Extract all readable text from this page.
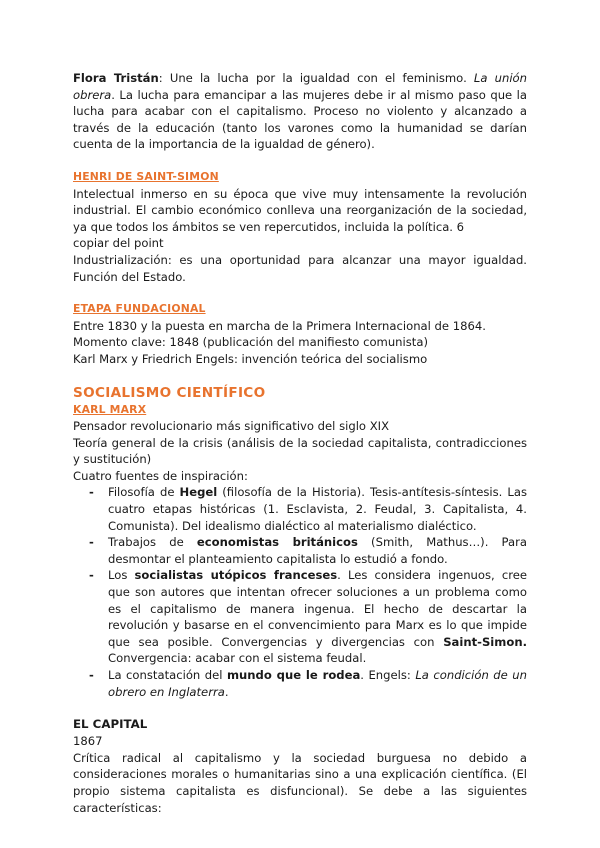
Flora Tristán: Une la lucha por la igualdad con el feminismo. La unión obrera. La lucha para emancipar a las mujeres debe ir al mismo paso que la lucha para acabar con el capitalismo. Proceso no violento y alcanzado a través de la educación (tanto los varones como la humanidad se darían cuenta de la importancia de la igualdad de género).

HENRI DE SAINT-SIMON

Intelectual inmerso en su época que vive muy intensamente la revolución industrial. El cambio económico conlleva una reorganización de la sociedad, ya que todos los ámbitos se ven repercutidos, incluida la política. 6

copiar del point

Industrialización: es una oportunidad para alcanzar una mayor igualdad. Función del Estado.

ETAPA FUNDACIONAL

Entre 1830 y la puesta en marcha de la Primera Internacional de 1864.

Momento clave: 1848 (publicación del manifiesto comunista)

Karl Marx y Friedrich Engels: invención teórica del socialismo

SOCIALISMO CIENTÍFICO

KARL MARX

Pensador revolucionario más significativo del siglo XIX

Teoría general de la crisis (análisis de la sociedad capitalista, contradicciones y sustitución)

Cuatro fuentes de inspiración:

- Filosofía de Hegel (filosofía de la Historia). Tesis-antítesis-síntesis. Las cuatro etapas históricas (1. Esclavista, 2. Feudal, 3. Capitalista, 4. Comunista). Del idealismo dialéctico al materialismo dialéctico.
- Trabajos de economistas británicos (Smith, Mathus…). Para desmontar el planteamiento capitalista lo estudió a fondo.
- Los socialistas utópicos franceses. Les considera ingenuos, cree que son autores que intentan ofrecer soluciones a un problema como es el capitalismo de manera ingenua. El hecho de descartar la revolución y basarse en el convencimiento para Marx es lo que impide que sea posible. Convergencias y divergencias con Saint-Simon. Convergencia: acabar con el sistema feudal.
- La constatación del mundo que le rodea. Engels: La condición de un obrero en Inglaterra.
EL CAPITAL

1867

Crítica radical al capitalismo y la sociedad burguesa no debido a consideraciones morales o humanitarias sino a una explicación científica. (El propio sistema capitalista es disfuncional). Se debe a las siguientes características:
